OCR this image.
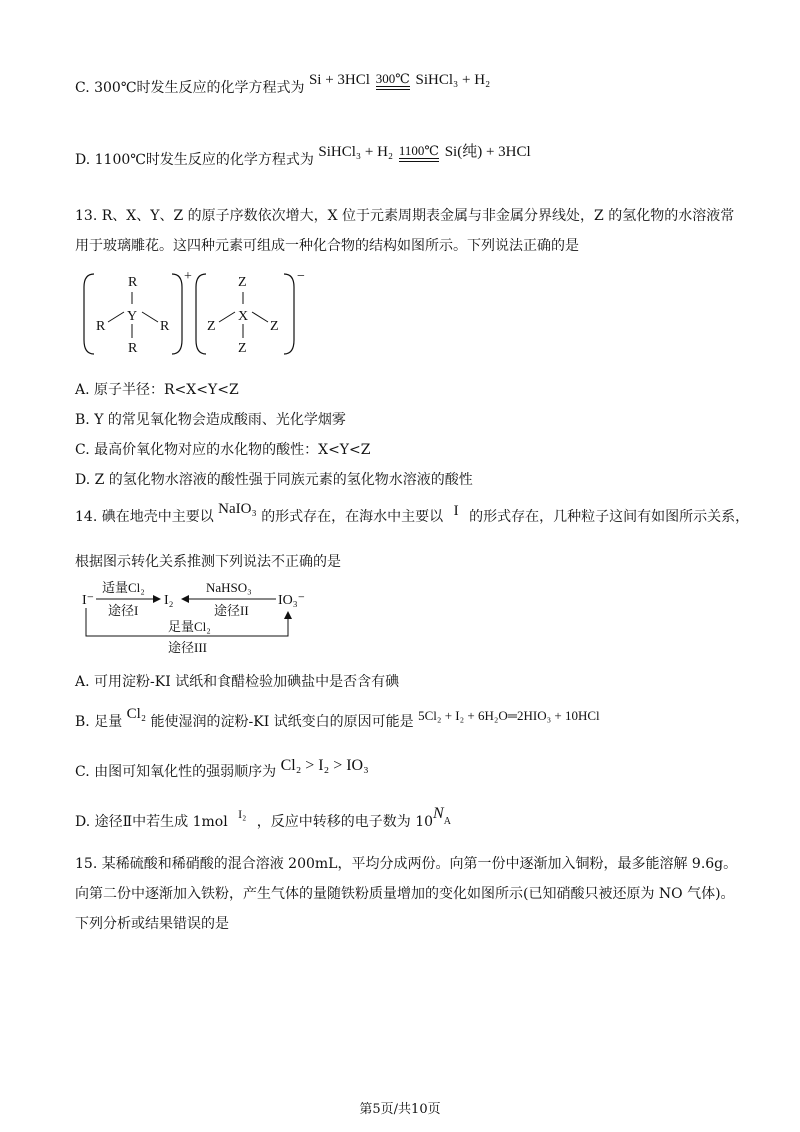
C. 300℃时发生反应的化学方程式为 Si + 3HCl 300℃ SiHCl₃ + H₂
D. 1100℃时发生反应的化学方程式为 SiHCl₃ + H₂ 1100℃ Si(纯) + 3HCl
13. R、X、Y、Z 的原子序数依次增大，X 位于元素周期表金属与非金属分界线处，Z 的氢化物的水溶液常
用于玻璃雕花。这四种元素可组成一种化合物的结构如图所示。下列说法正确的是
+
R
Y
R	R
R
−
Z
X
Z	Z
Z
A. 原子半径：R<X<Y<Z
B. Y 的常见氧化物会造成酸雨、光化学烟雾
C. 最高价氧化物对应的水化物的酸性：X<Y<Z
D. Z 的氢化物水溶液的酸性强于同族元素的氢化物水溶液的酸性
14. 碘在地壳中主要以 NaIO₃ 的形式存在，在海水中主要以 I 的形式存在，几种粒子这间有如图所示关系，
根据图示转化关系推测下列说法不正确的是
I⁻
适量Cl₂
途径I
I₂
NaHSO₃
途径II
IO₃⁻
足量Cl₂
途径III
A. 可用淀粉-KI 试纸和食醋检验加碘盐中是否含有碘
B. 足量 Cl₂ 能使湿润的淀粉-KI 试纸变白的原因可能是 5Cl₂ + I₂ + 6H₂O═2HIO₃ + 10HCl
C. 由图可知氧化性的强弱顺序为 Cl₂ > I₂ > IO₃
D. 途径Ⅱ中若生成 1mol I₂ ，反应中转移的电子数为 10NA
15. 某稀硫酸和稀硝酸的混合溶液 200mL，平均分成两份。向第一份中逐渐加入铜粉，最多能溶解 9.6g。
向第二份中逐渐加入铁粉，产生气体的量随铁粉质量增加的变化如图所示(已知硝酸只被还原为 NO 气体)。
下列分析或结果错误的是
第5页/共10页
